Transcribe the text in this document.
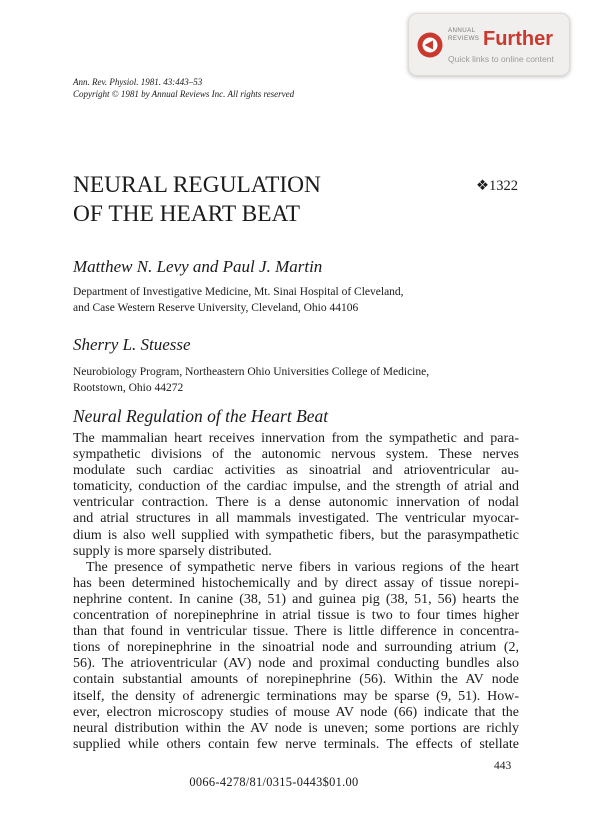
ANNUAL
REVIEWS Further
Quick links to online content
Ann. Rev. Physiol. 1981. 43:443–53
Copyright © 1981 by Annual Reviews Inc. All rights reserved
NEURAL REGULATION
OF THE HEART BEAT
❖1322
Matthew N. Levy and Paul J. Martin
Department of Investigative Medicine, Mt. Sinai Hospital of Cleveland,
and Case Western Reserve University, Cleveland, Ohio 44106
Sherry L. Stuesse
Neurobiology Program, Northeastern Ohio Universities College of Medicine,
Rootstown, Ohio 44272
Neural Regulation of the Heart Beat
The mammalian heart receives innervation from the sympathetic and para-
sympathetic divisions of the autonomic nervous system. These nerves
modulate such cardiac activities as sinoatrial and atrioventricular au-
tomaticity, conduction of the cardiac impulse, and the strength of atrial and
ventricular contraction. There is a dense autonomic innervation of nodal
and atrial structures in all mammals investigated. The ventricular myocar-
dium is also well supplied with sympathetic fibers, but the parasympathetic
supply is more sparsely distributed.
The presence of sympathetic nerve fibers in various regions of the heart
has been determined histochemically and by direct assay of tissue norepi-
nephrine content. In canine (38, 51) and guinea pig (38, 51, 56) hearts the
concentration of norepinephrine in atrial tissue is two to four times higher
than that found in ventricular tissue. There is little difference in concentra-
tions of norepinephrine in the sinoatrial node and surrounding atrium (2,
56). The atrioventricular (AV) node and proximal conducting bundles also
contain substantial amounts of norepinephrine (56). Within the AV node
itself, the density of adrenergic terminations may be sparse (9, 51). How-
ever, electron microscopy studies of mouse AV node (66) indicate that the
neural distribution within the AV node is uneven; some portions are richly
supplied while others contain few nerve terminals. The effects of stellate
443
0066-4278/81/0315-0443$01.00
